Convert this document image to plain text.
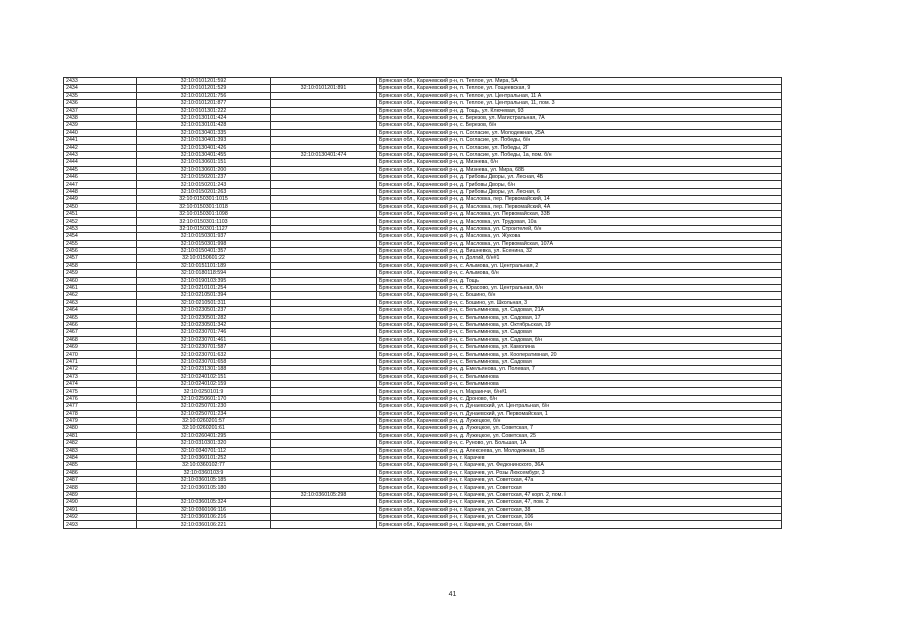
2433	32:10:0101201:592		Брянская обл., Карачевский р-н, п. Теплое, ул. Мира, 5А
2434	32:10:0101201:529	32:10:0101201:891	Брянская обл., Карачевский р-н, п. Теплое, ул. Гощеевская, 9
2435	32:10:0101201:756		Брянская обл., Карачевский р-н, п. Теплое, ул. Центральная, 11 А
2436	32:10:0101201:877		Брянская обл., Карачевский р-н, п. Теплое, ул. Центральная, 11, пом. 3
2437	32:10:0101301:222		Брянская обл., Карачевский р-н, д. Тощь, ул. Ключевая, 93
2438	32:10:0130101:424		Брянская обл., Карачевский р-н, с. Березов, ул. Магистральная, 7А
2439	32:10:0130101:428		Брянская обл., Карачевский р-н, с. Березов, б/н
2440	32:10:0130401:335		Брянская обл., Карачевский р-н, п. Согласие, ул. Молодежная, 25А
2441	32:10:0130401:393		Брянская обл., Карачевский р-н, п. Согласие, ул. Победы, б/н
2442	32:10:0130401:426		Брянская обл., Карачевский р-н, п. Согласие, ул. Победы, 2Г
2443	32:10:0130401:455	32:10:0130401:474	Брянская обл., Карачевский р-н, п. Согласие, ул. Победы, 1а, пом. б/н
2444	32:10:0130601:151		Брянская обл., Карачевский р-н, д. Мизнева, б/н
2445	32:10:0130601:200		Брянская обл., Карачевский р-н, д. Мизнева, ул. Мира, 68Б
2446	32:10:0150201:237		Брянская обл., Карачевский р-н, д. Грибовы Дворы, ул. Лесная, 4Б
2447	32:10:0150201:243		Брянская обл., Карачевский р-н, д. Грибовы Дворы, б/н
2448	32:10:0150201:263		Брянская обл., Карачевский р-н, д. Грибовы Дворы, ул. Лесная, 6
2449	32:10:0150301:1015		Брянская обл., Карачевский р-н, д. Масловка, пер. Первомайский, 14
2450	32:10:0150301:1018		Брянская обл., Карачевский р-н, д. Масловка, пер. Первомайский, 4А
2451	32:10:0150301:1098		Брянская обл., Карачевский р-н, д. Масловка, ул. Первомайская, 33В
2452	32:10:0150301:1103		Брянская обл., Карачевский р-н, д. Масловка, ул. Трудовая, 10а
2453	32:10:0150301:1127		Брянская обл., Карачевский р-н, д. Масловка, ул. Строителей, б/н
2454	32:10:0150301:937		Брянская обл., Карачевский р-н, д. Масловка, ул. Жукова
2455	32:10:0150301:998		Брянская обл., Карачевский р-н, д. Масловка, ул. Первомайская, 107А
2456	32:10:0150401:357		Брянская обл., Карачевский р-н, д. Вишневка, ул. Есенина, 32
2457	32:10:0150601:22		Брянская обл., Карачевский р-н, п. Долгий, б/н#1
2458	32:10:0151101:189		Брянская обл., Карачевский р-н, с. Алымова, ул. Центральная, 2
2459	32:10:0180118:594		Брянская обл., Карачевский р-н, с. Алымова, б/н
2460	32:10:0190103:395		Брянская обл., Карачевский р-н, д. Тощь
2461	32:10:0210101:254		Брянская обл., Карачевский р-н, с. Юрасово, ул. Центральная, б/н
2462	32:10:0210501:394		Брянская обл., Карачевский р-н, с. Бошино, б/н
2463	32:10:0210501:311		Брянская обл., Карачевский р-н, с. Бошино, ул. Школьная, 3
2464	32:10:0230501:237		Брянская обл., Карачевский р-н, с. Вельяминова, ул. Садовая, 21А
2465	32:10:0230501:282		Брянская обл., Карачевский р-н, с. Вельяминова, ул. Садовая, 17
2466	32:10:0230501:342		Брянская обл., Карачевский р-н, с. Вельяминова, ул. Октябрьская, 19
2467	32:10:0230701:746		Брянская обл., Карачевский р-н, с. Вельяминова, ул. Садовая
2468	32:10:0230701:461		Брянская обл., Карачевский р-н, с. Вельяминова, ул. Садовая, б/н
2469	32:10:0230701:587		Брянская обл., Карачевский р-н, с. Вельяминова, ул. Камолина
2470	32:10:0230701:632		Брянская обл., Карачевский р-н, с. Вельяминова, ул. Кооперативная, 20
2471	32:10:0230701:658		Брянская обл., Карачевский р-н, с. Вельяминова, ул. Садовая
2472	32:10:0231301:188		Брянская обл., Карачевский р-н, д. Емельянова, ул. Полевая, 7
2473	32:10:0240102:151		Брянская обл., Карачевский р-н, с. Вельяминова
2474	32:10:0240102:159		Брянская обл., Карачевский р-н, с. Вельяминова
2475	32:10:0250101:9		Брянская обл., Карачевский р-н, п. Мараинчи, б/н#1
2476	32:10:0250601:170		Брянская обл., Карачевский р-н, с. Дроново, б/н
2477	32:10:0250701:230		Брянская обл., Карачевский р-н, п. Дунаевский, ул. Центральная, б/н
2478	32:10:0250701:234		Брянская обл., Карачевский р-н, п. Дунаевский, ул. Первомайская, 1
2479	32:10:0260201:57		Брянская обл., Карачевский р-н, д. Лужецкое, б/н
2480	32:10:0260201:61		Брянская обл., Карачевский р-н, д. Лужецкое, ул. Советская, 7
2481	32:10:0260401:295		Брянская обл., Карачевский р-н, д. Лужецкое, ул. Советская, 25
2482	32:10:0310301:320		Брянская обл., Карачевский р-н, с. Руново, ул. Большая, 1А
2483	32:10:0340701:112		Брянская обл., Карачевский р-н, д. Алексеева, ул. Молодежная, 1Б
2484	32:10:0360101:252		Брянская обл., Карачевский р-н, г. Карачев
2485	32:10:0360102:77		Брянская обл., Карачевский р-н, г. Карачев, ул. Федюнинского, 36А
2486	32:10:0360103:9		Брянская обл., Карачевский р-н, г. Карачев, ул. Розы Люксембург, 3
2487	32:10:0360105:185		Брянская обл., Карачевский р-н, г. Карачев, ул. Советская, 47а
2488	32:10:0360105:180		Брянская обл., Карачевский р-н, г. Карачев, ул. Советская
2489		32:10:0360105:298	Брянская обл., Карачевский р-н, г. Карачев, ул. Советская, 47 корп. 2, пом. I
2490	32:10:0360105:324		Брянская обл., Карачевский р-н, г. Карачев, ул. Советская, 47, пом. 2
2491	32:10:0360106:116		Брянская обл., Карачевский р-н, г. Карачев, ул. Советская, 38
2492	32:10:0360106:216		Брянская обл., Карачевский р-н, г. Карачев, ул. Советская, 106
2493	32:10:0360106:221		Брянская обл., Карачевский р-н, г. Карачев, ул. Советская, б/н
41
